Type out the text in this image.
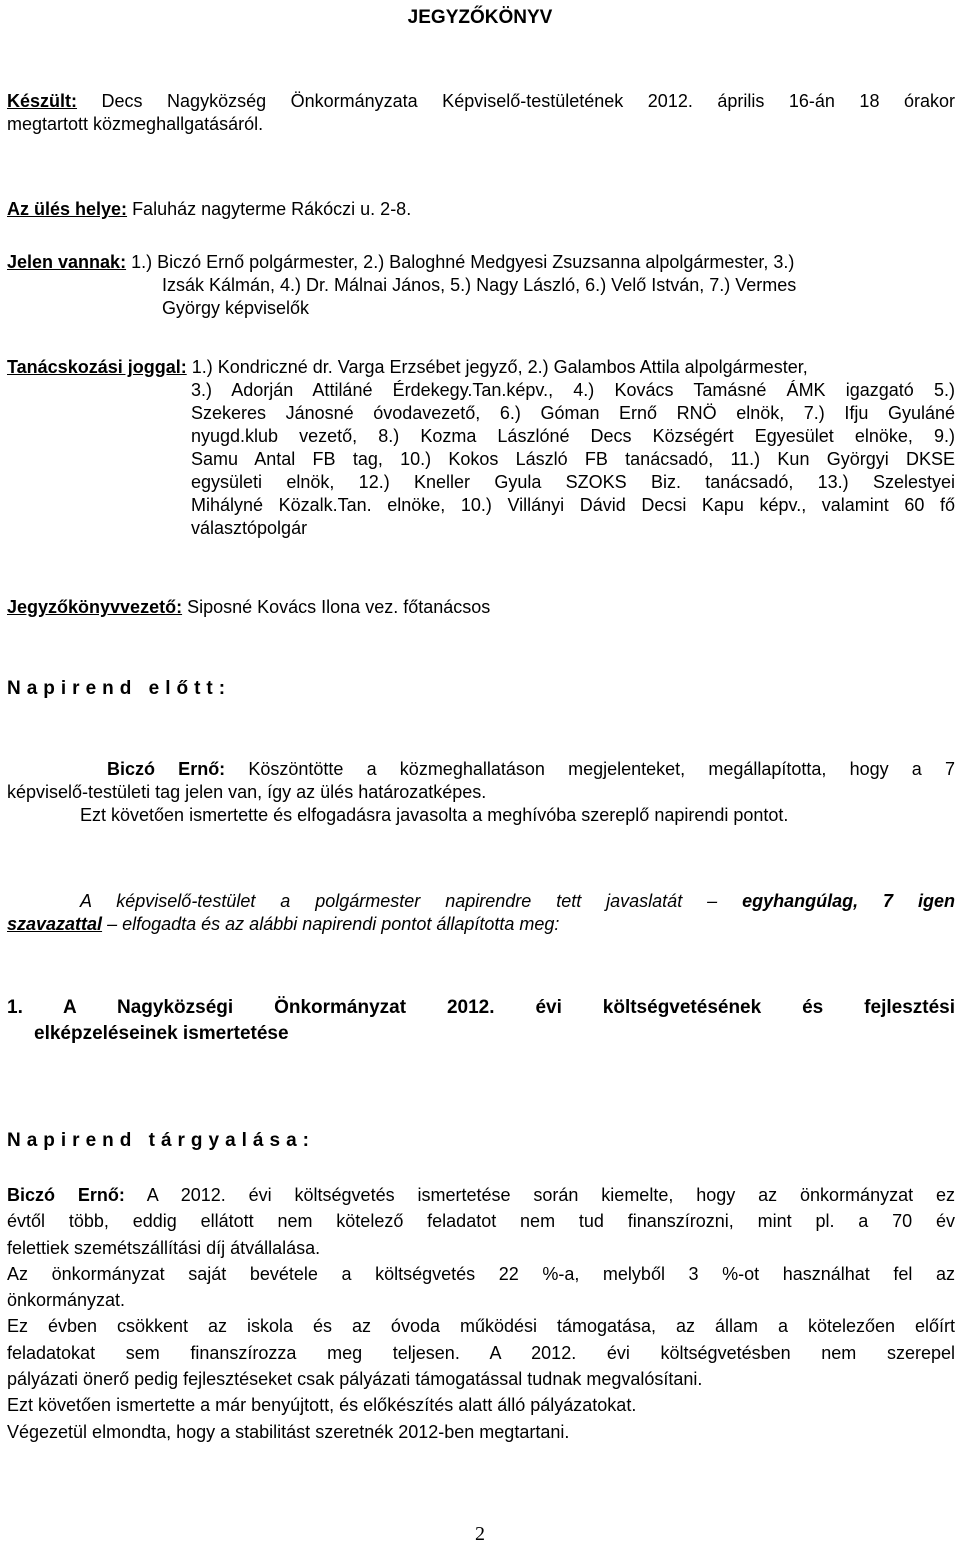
JEGYZŐKÖNYV
Készült: Decs Nagyközség Önkormányzata Képviselő-testületének 2012. április 16-án 18 órakor
megtartott közmeghallgatásáról.
Az ülés helye: Faluház nagyterme Rákóczi u. 2-8.
Jelen vannak: 1.) Biczó Ernő polgármester, 2.) Baloghné Medgyesi Zsuzsanna alpolgármester, 3.)
Izsák Kálmán, 4.) Dr. Málnai János, 5.) Nagy László, 6.) Velő István, 7.) Vermes
György képviselők
Tanácskozási joggal: 1.) Kondriczné dr. Varga Erzsébet jegyző, 2.) Galambos Attila alpolgármester,
3.) Adorján Attiláné Érdekegy.Tan.képv., 4.) Kovács Tamásné ÁMK igazgató 5.)
Szekeres Jánosné óvodavezető, 6.) Góman Ernő RNÖ elnök, 7.) Ifju Gyuláné
nyugd.klub vezető, 8.) Kozma Lászlóné Decs Községért Egyesület elnöke, 9.)
Samu Antal FB tag, 10.) Kokos László FB tanácsadó, 11.) Kun Györgyi DKSE
egysületi elnök, 12.) Kneller Gyula SZOKS Biz. tanácsadó, 13.) Szelestyei
Mihályné Közalk.Tan. elnöke, 10.) Villányi Dávid Decsi Kapu képv., valamint 60 fő
választópolgár
Jegyzőkönyvvezető: Siposné Kovács Ilona vez. főtanácsos
Napirend előtt:
Biczó Ernő: Köszöntötte a közmeghallatáson megjelenteket, megállapította, hogy a 7
képviselő-testületi tag jelen van, így az ülés határozatképes.
Ezt követően ismertette és elfogadásra javasolta a meghívóba szereplő napirendi pontot.
A képviselő-testület a polgármester napirendre tett javaslatát – egyhangúlag, 7 igen
szavazattal – elfogadta és az alábbi napirendi pontot állapította meg:
1. A Nagyközségi Önkormányzat 2012. évi költségvetésének és fejlesztési
elképzeléseinek ismertetése
Napirend tárgyalása:
Biczó Ernő: A 2012. évi költségvetés ismertetése során kiemelte, hogy az önkormányzat ez
évtől több, eddig ellátott nem kötelező feladatot nem tud finanszírozni, mint pl. a 70 év
felettiek szemétszállítási díj átvállalása.
Az önkormányzat saját bevétele a költségvetés 22 %-a, melyből 3 %-ot használhat fel az
önkormányzat.
Ez évben csökkent az iskola és az óvoda működési támogatása, az állam a kötelezően előírt
feladatokat sem finanszírozza meg teljesen. A 2012. évi költségvetésben nem szerepel
pályázati önerő pedig fejlesztéseket csak pályázati támogatással tudnak megvalósítani.
Ezt követően ismertette a már benyújtott, és előkészítés alatt álló pályázatokat.
Végezetül elmondta, hogy a stabilitást szeretnék 2012-ben megtartani.
2
